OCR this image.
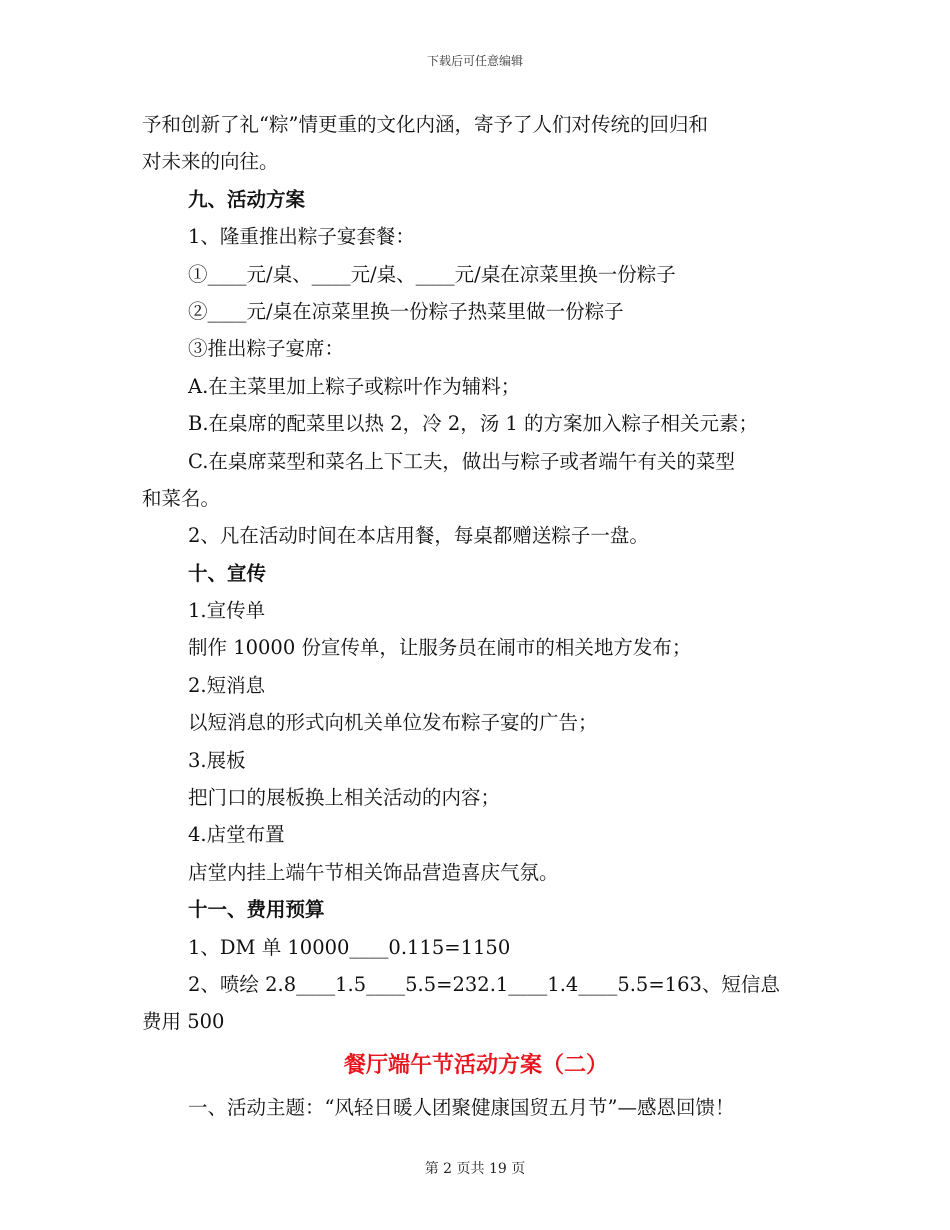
下载后可任意编辑
予和创新了礼“粽”情更重的文化内涵，寄予了人们对传统的回归和
对未来的向往。
九、活动方案
1、隆重推出粽子宴套餐：
①____元/桌、____元/桌、____元/桌在凉菜里换一份粽子
②____元/桌在凉菜里换一份粽子热菜里做一份粽子
③推出粽子宴席：
A.在主菜里加上粽子或粽叶作为辅料；
B.在桌席的配菜里以热 2，冷 2，汤 1 的方案加入粽子相关元素；
C.在桌席菜型和菜名上下工夫，做出与粽子或者端午有关的菜型
和菜名。
2、凡在活动时间在本店用餐，每桌都赠送粽子一盘。
十、宣传
1.宣传单
制作 10000 份宣传单，让服务员在闹市的相关地方发布；
2.短消息
以短消息的形式向机关单位发布粽子宴的广告；
3.展板
把门口的展板换上相关活动的内容；
4.店堂布置
店堂内挂上端午节相关饰品营造喜庆气氛。
十一、费用预算
1、DM 单 10000____0.115=1150
2、喷绘 2.8____1.5____5.5=232.1____1.4____5.5=163、短信息
费用 500
餐厅端午节活动方案（二）
一、活动主题：“风轻日暖人团聚健康国贸五月节”—感恩回馈！
第 2 页共 19 页
